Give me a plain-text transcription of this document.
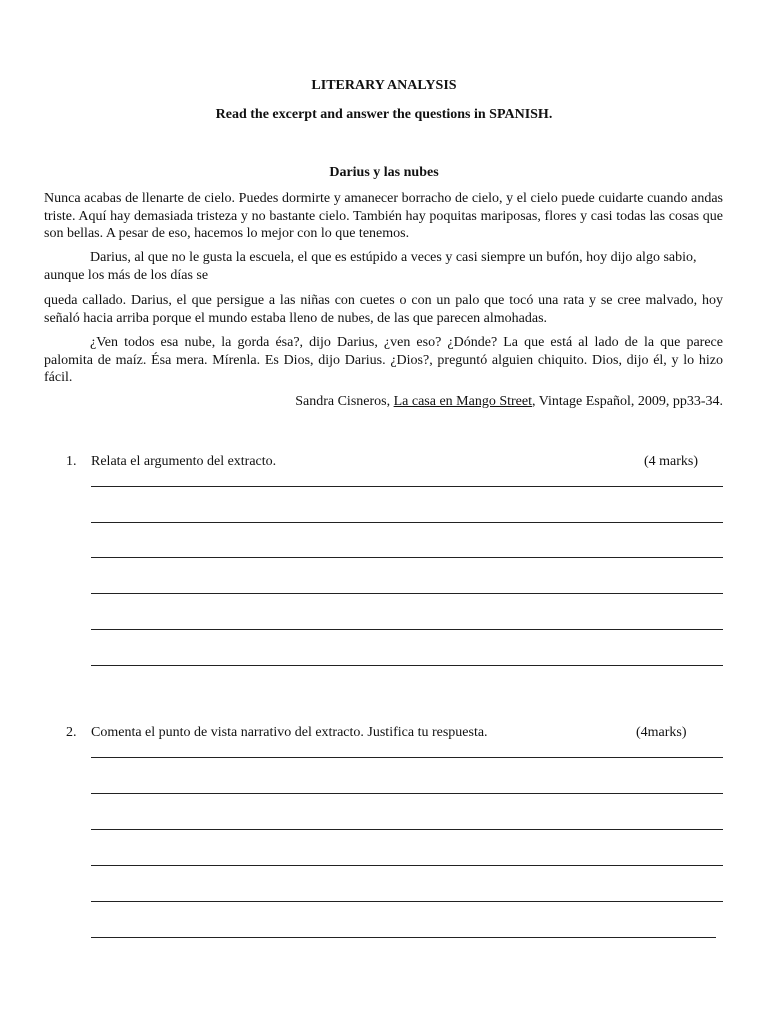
LITERARY ANALYSIS
Read the excerpt and answer the questions in SPANISH.
Darius y las nubes

Nunca acabas de llenarte de cielo. Puedes dormirte y amanecer borracho de cielo, y el cielo puede cuidarte cuando andas triste. Aquí hay demasiada tristeza y no bastante cielo. También hay poquitas mariposas, flores y casi todas las cosas que son bellas. A pesar de eso, hacemos lo mejor con lo que tenemos.

Darius, al que no le gusta la escuela, el que es estúpido a veces y casi siempre un bufón, hoy dijo algo sabio, aunque los más de los días se

queda callado. Darius, el que persigue a las niñas con cuetes o con un palo que tocó una rata y se cree malvado, hoy señaló hacia arriba porque el mundo estaba lleno de nubes, de las que parecen almohadas.

¿Ven todos esa nube, la gorda ésa?, dijo Darius, ¿ven eso? ¿Dónde? La que está al lado de la que parece palomita de maíz. Ésa mera. Mírenla. Es Dios, dijo Darius. ¿Dios?, preguntó alguien chiquito. Dios, dijo él, y lo hizo fácil.

Sandra Cisneros, La casa en Mango Street, Vintage Español, 2009, pp33-34.
1. Relata el argumento del extracto.	(4 marks)
2. Comenta el punto de vista narrativo del extracto. Justifica tu respuesta.	(4marks)
